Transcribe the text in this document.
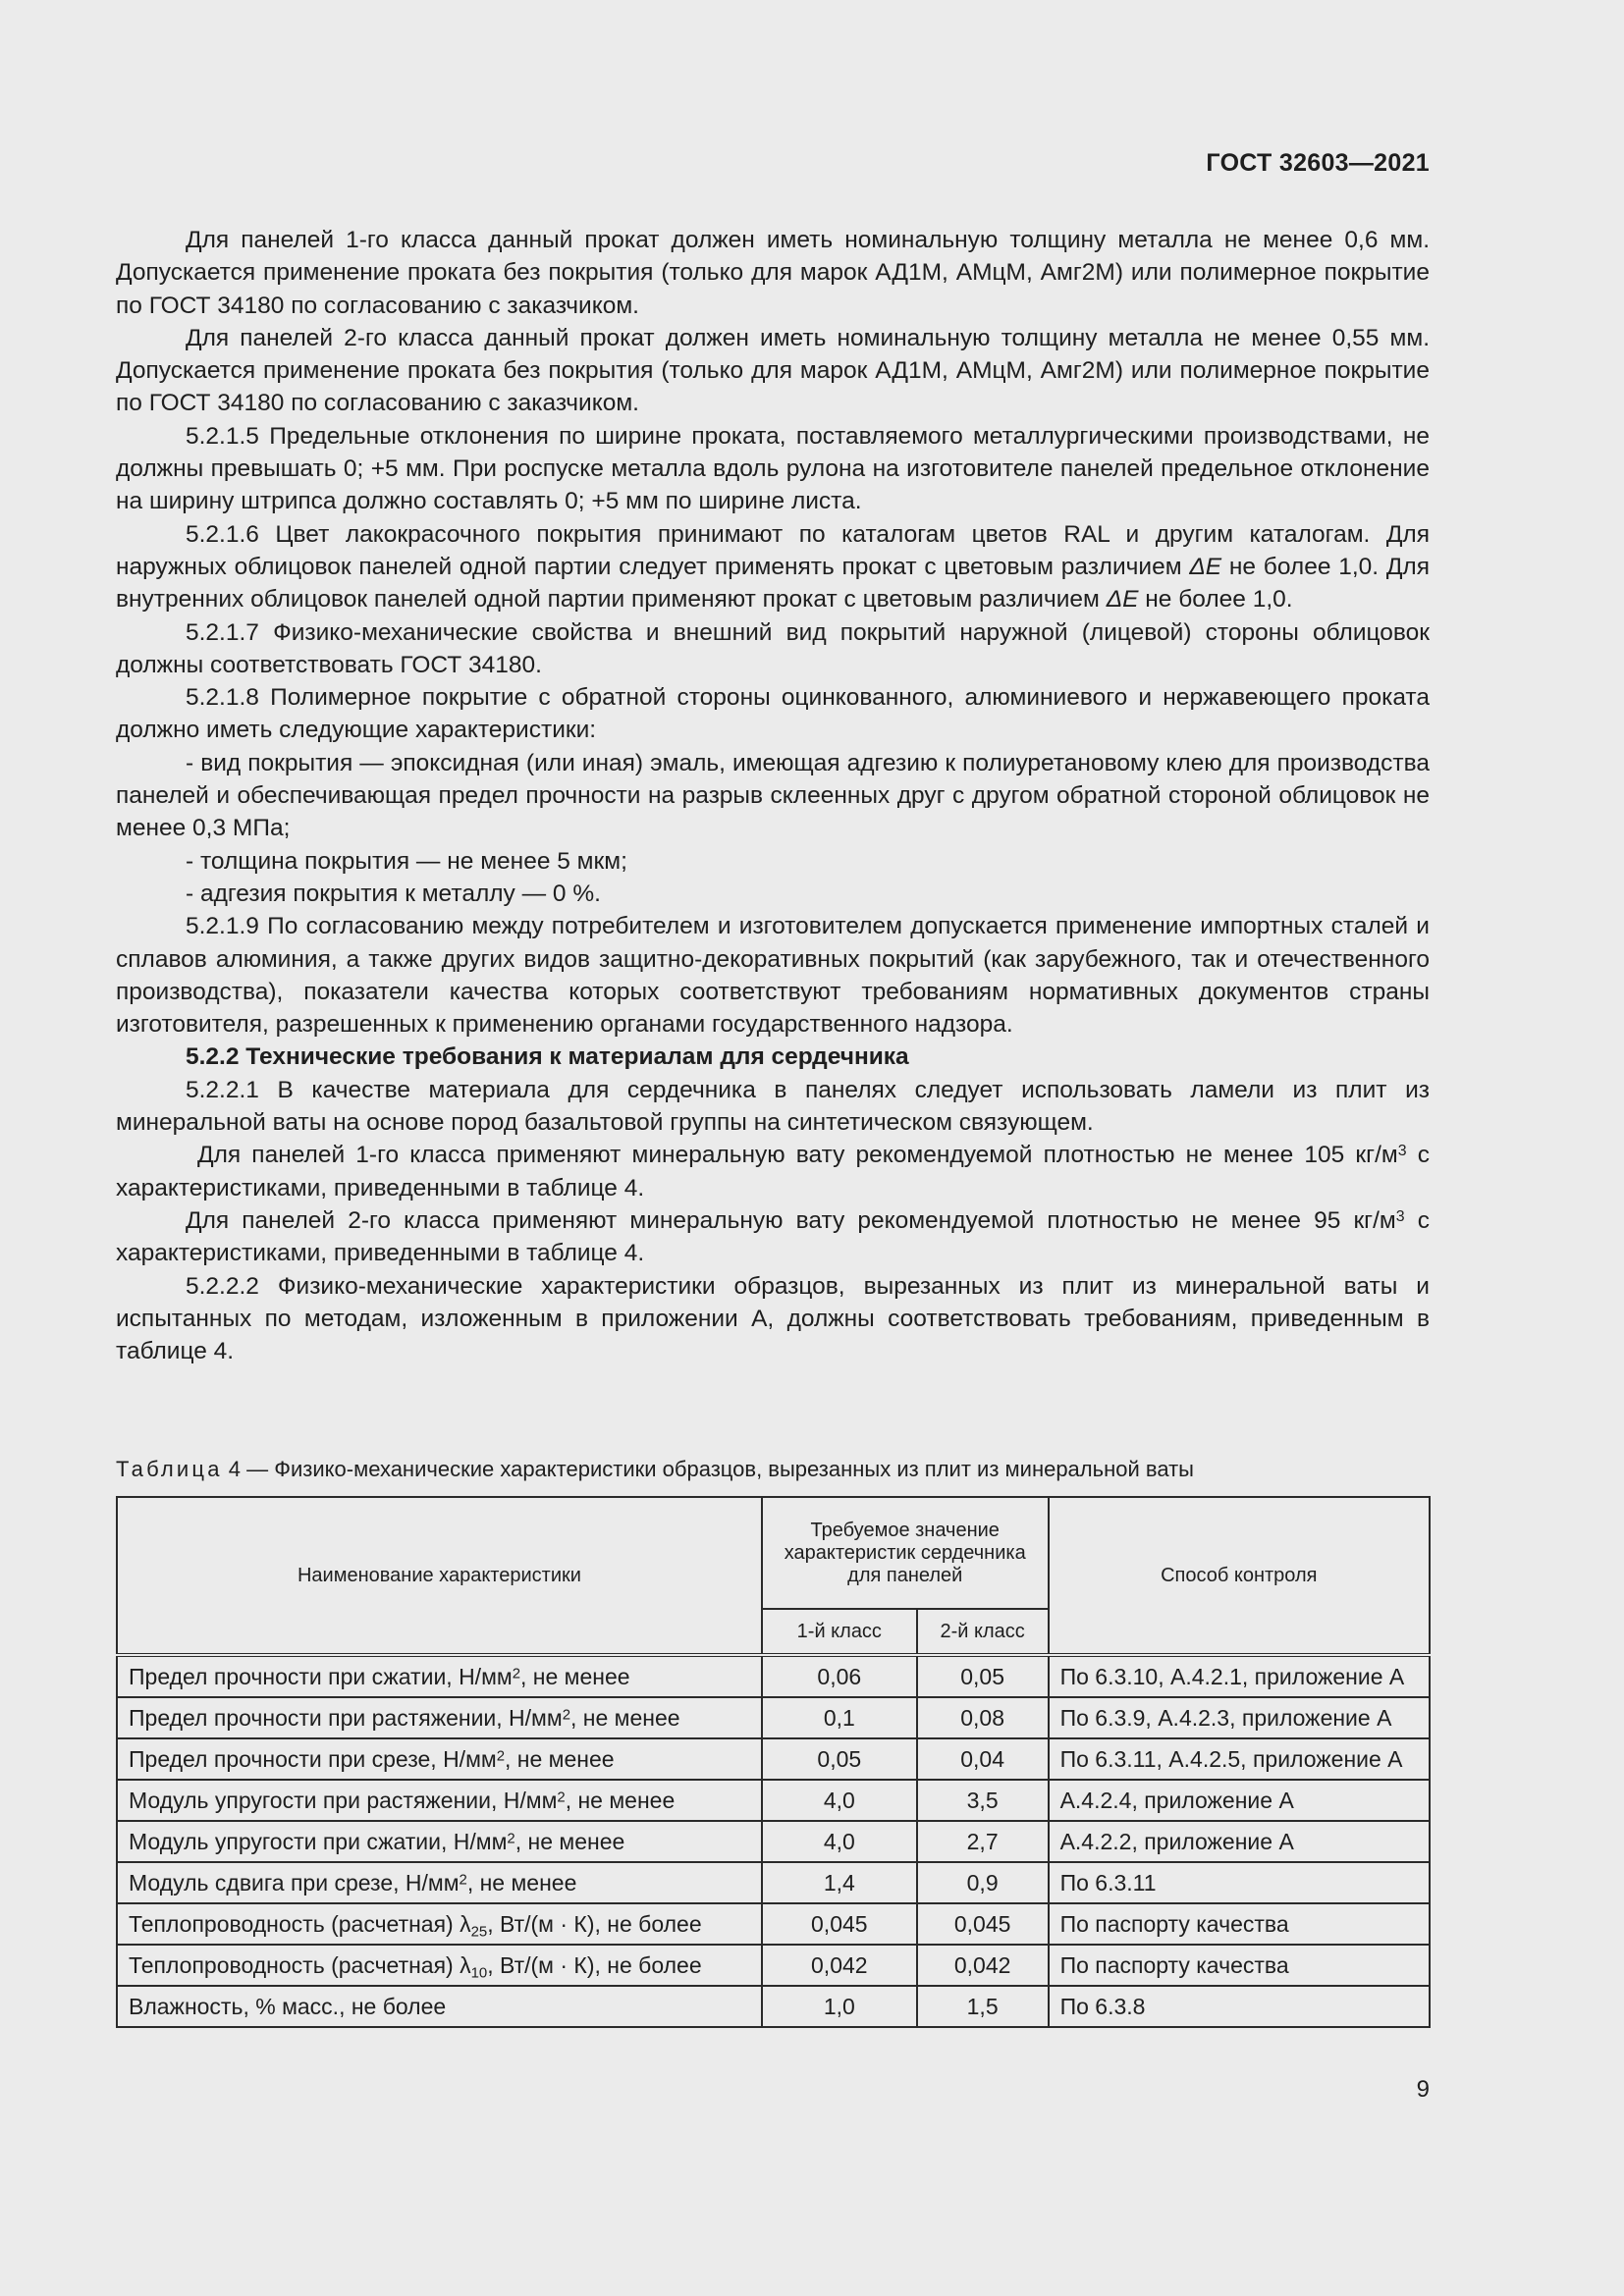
ГОСТ 32603—2021

Для панелей 1-го класса данный прокат должен иметь номинальную толщину металла не менее 0,6 мм. Допускается применение проката без покрытия (только для марок АД1М, АМцМ, Амг2М) или полимерное покрытие по ГОСТ 34180 по согласованию с заказчиком.

Для панелей 2-го класса данный прокат должен иметь номинальную толщину металла не менее 0,55 мм. Допускается применение проката без покрытия (только для марок АД1М, АМцМ, Амг2М) или полимерное покрытие по ГОСТ 34180 по согласованию с заказчиком.

5.2.1.5 Предельные отклонения по ширине проката, поставляемого металлургическими производствами, не должны превышать 0; +5 мм. При роспуске металла вдоль рулона на изготовителе панелей предельное отклонение на ширину штрипса должно составлять 0; +5 мм по ширине листа.

5.2.1.6 Цвет лакокрасочного покрытия принимают по каталогам цветов RAL и другим каталогам. Для наружных облицовок панелей одной партии следует применять прокат с цветовым различием ΔE не более 1,0. Для внутренних облицовок панелей одной партии применяют прокат с цветовым различием ΔE не более 1,0.

5.2.1.7 Физико-механические свойства и внешний вид покрытий наружной (лицевой) стороны облицовок должны соответствовать ГОСТ 34180.

5.2.1.8 Полимерное покрытие с обратной стороны оцинкованного, алюминиевого и нержавеющего проката должно иметь следующие характеристики:

- вид покрытия — эпоксидная (или иная) эмаль, имеющая адгезию к полиуретановому клею для производства панелей и обеспечивающая предел прочности на разрыв склеенных друг с другом обратной стороной облицовок не менее 0,3 МПа;

- толщина покрытия — не менее 5 мкм;

- адгезия покрытия к металлу — 0 %.

5.2.1.9 По согласованию между потребителем и изготовителем допускается применение импортных сталей и сплавов алюминия, а также других видов защитно-декоративных покрытий (как зарубежного, так и отечественного производства), показатели качества которых соответствуют требованиям нормативных документов страны изготовителя, разрешенных к применению органами государственного надзора.

5.2.2 Технические требования к материалам для сердечника

5.2.2.1 В качестве материала для сердечника в панелях следует использовать ламели из плит из минеральной ваты на основе пород базальтовой группы на синтетическом связующем.

Для панелей 1-го класса применяют минеральную вату рекомендуемой плотностью не менее 105 $кг/м^3$ с характеристиками, приведенными в таблице 4.

Для панелей 2-го класса применяют минеральную вату рекомендуемой плотностью не менее 95 $кг/м^3$ с характеристиками, приведенными в таблице 4.

5.2.2.2 Физико-механические характеристики образцов, вырезанных из плит из минеральной ваты и испытанных по методам, изложенным в приложении А, должны соответствовать требованиям, приведенным в таблице 4.

Таблица 4 — Физико-механические характеристики образцов, вырезанных из плит из минеральной ваты
Наименование характеристики	Требуемое значение характеристик сердечника для панелей		Способ контроля
	1-й класс	2-й класс	
Предел прочности при сжатии, $Н/мм^2$, не менее	0,06	0,05	По 6.3.10, А.4.2.1, приложение А
Предел прочности при растяжении, $Н/мм^2$, не менее	0,1	0,08	По 6.3.9, А.4.2.3, приложение А
Предел прочности при срезе, $Н/мм^2$, не менее	0,05	0,04	По 6.3.11, А.4.2.5, приложение А
Модуль упругости при растяжении, $Н/мм^2$, не менее	4,0	3,5	А.4.2.4, приложение А
Модуль упругости при сжатии, $Н/мм^2$, не менее	4,0	2,7	А.4.2.2, приложение А
Модуль сдвига при срезе, $Н/мм^2$, не менее	1,4	0,9	По 6.3.11
Теплопроводность (расчетная) $\lambda_{25}$, Вт/(м · К), не более	0,045	0,045	По паспорту качества
Теплопроводность (расчетная) $\lambda_{10}$, Вт/(м · К), не более	0,042	0,042	По паспорту качества
Влажность, % масс., не более	1,0	1,5	По 6.3.8
9
